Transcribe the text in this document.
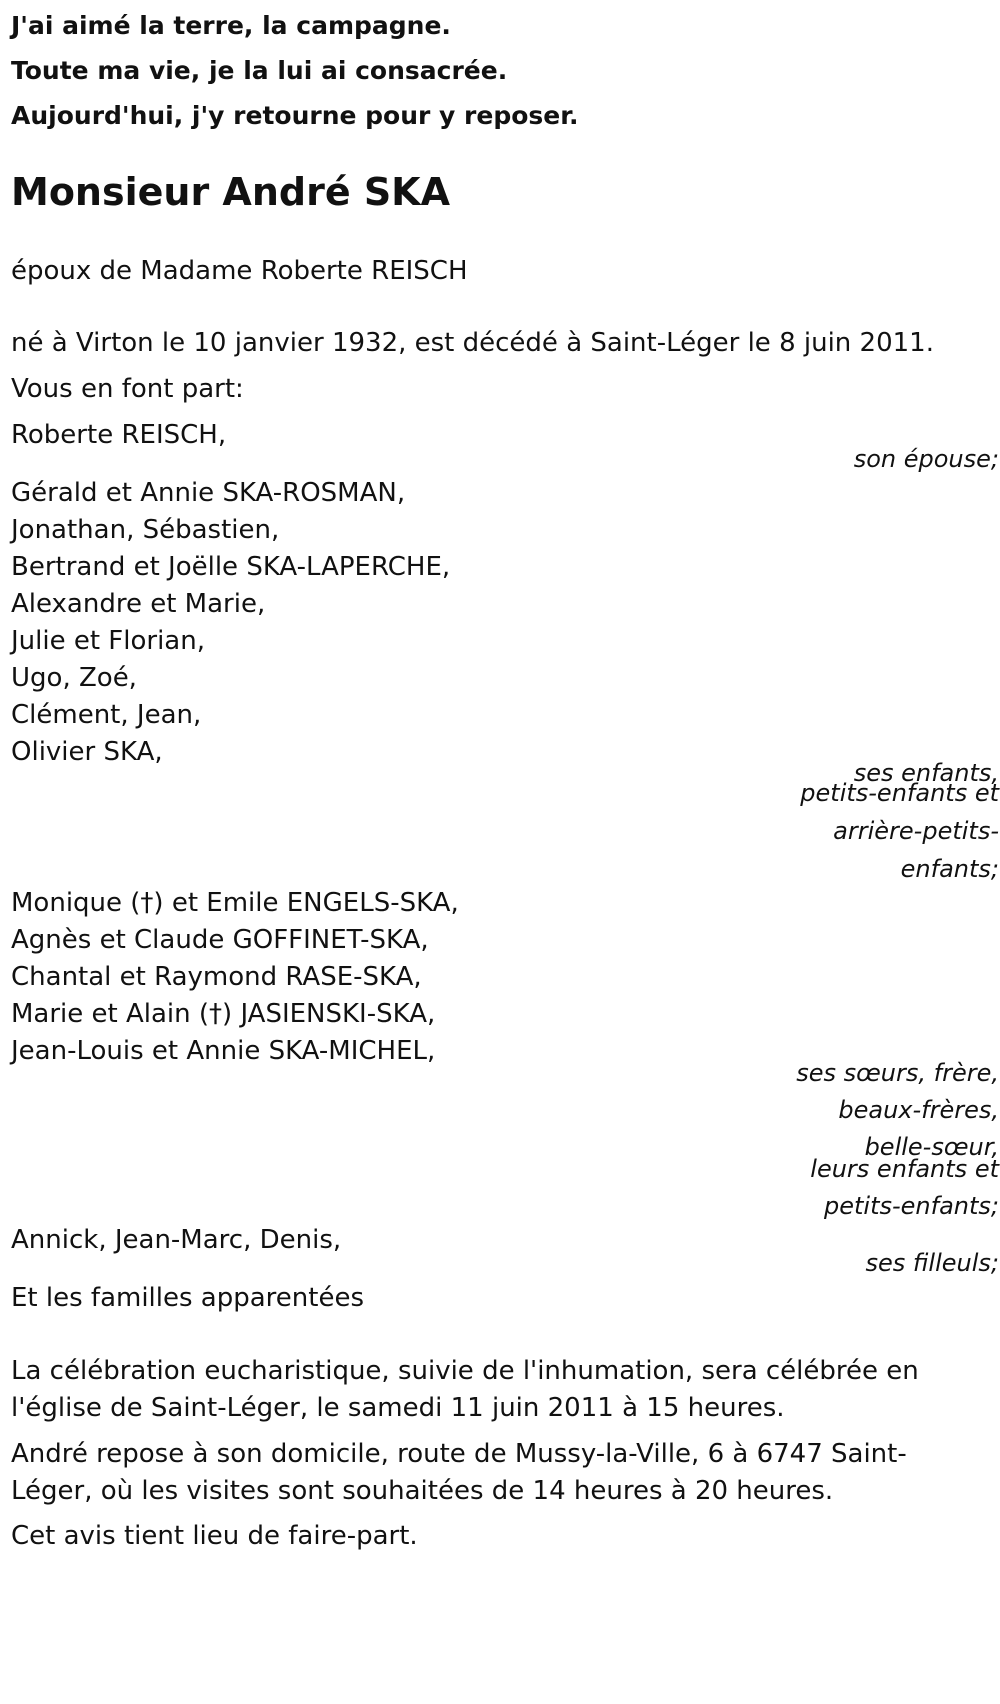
J'ai aimé la terre, la campagne.
Toute ma vie, je la lui ai consacrée.
Aujourd'hui, j'y retourne pour y reposer.
Monsieur André SKA
époux de Madame Roberte REISCH
né à Virton le 10 janvier 1932, est décédé à Saint-Léger le 8 juin 2011.
Vous en font part:
Roberte REISCH,
son épouse;
Gérald et Annie SKA-ROSMAN,
Jonathan, Sébastien,
Bertrand et Joëlle SKA-LAPERCHE,
Alexandre et Marie,
Julie et Florian,
Ugo, Zoé,
Clément, Jean,
Olivier SKA,
ses enfants,
petits-enfants et
arrière-petits-
enfants;
Monique (†) et Emile ENGELS-SKA,
Agnès et Claude GOFFINET-SKA,
Chantal et Raymond RASE-SKA,
Marie et Alain (†) JASIENSKI-SKA,
Jean-Louis et Annie SKA-MICHEL,
ses sœurs, frère,
beaux-frères,
belle-sœur,
leurs enfants et
petits-enfants;
Annick, Jean-Marc, Denis,
ses filleuls;
Et les familles apparentées
La célébration eucharistique, suivie de l'inhumation, sera célébrée en
l'église de Saint-Léger, le samedi 11 juin 2011 à 15 heures.
André repose à son domicile, route de Mussy-la-Ville, 6 à 6747 Saint-
Léger, où les visites sont souhaitées de 14 heures à 20 heures.
Cet avis tient lieu de faire-part.
